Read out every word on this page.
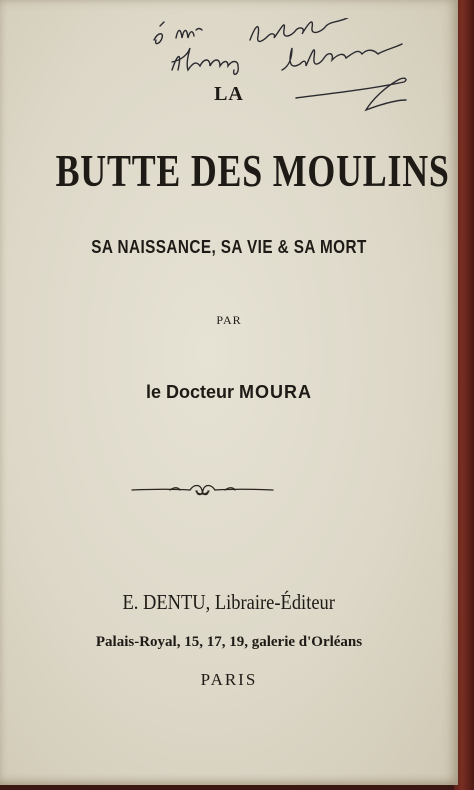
LA
BUTTE DES MOULINS
SA NAISSANCE, SA VIE & SA MORT
PAR
le Docteur MOURA
E. DENTU, Libraire-Éditeur
Palais-Royal, 15, 17, 19, galerie d'Orléans
PARIS
